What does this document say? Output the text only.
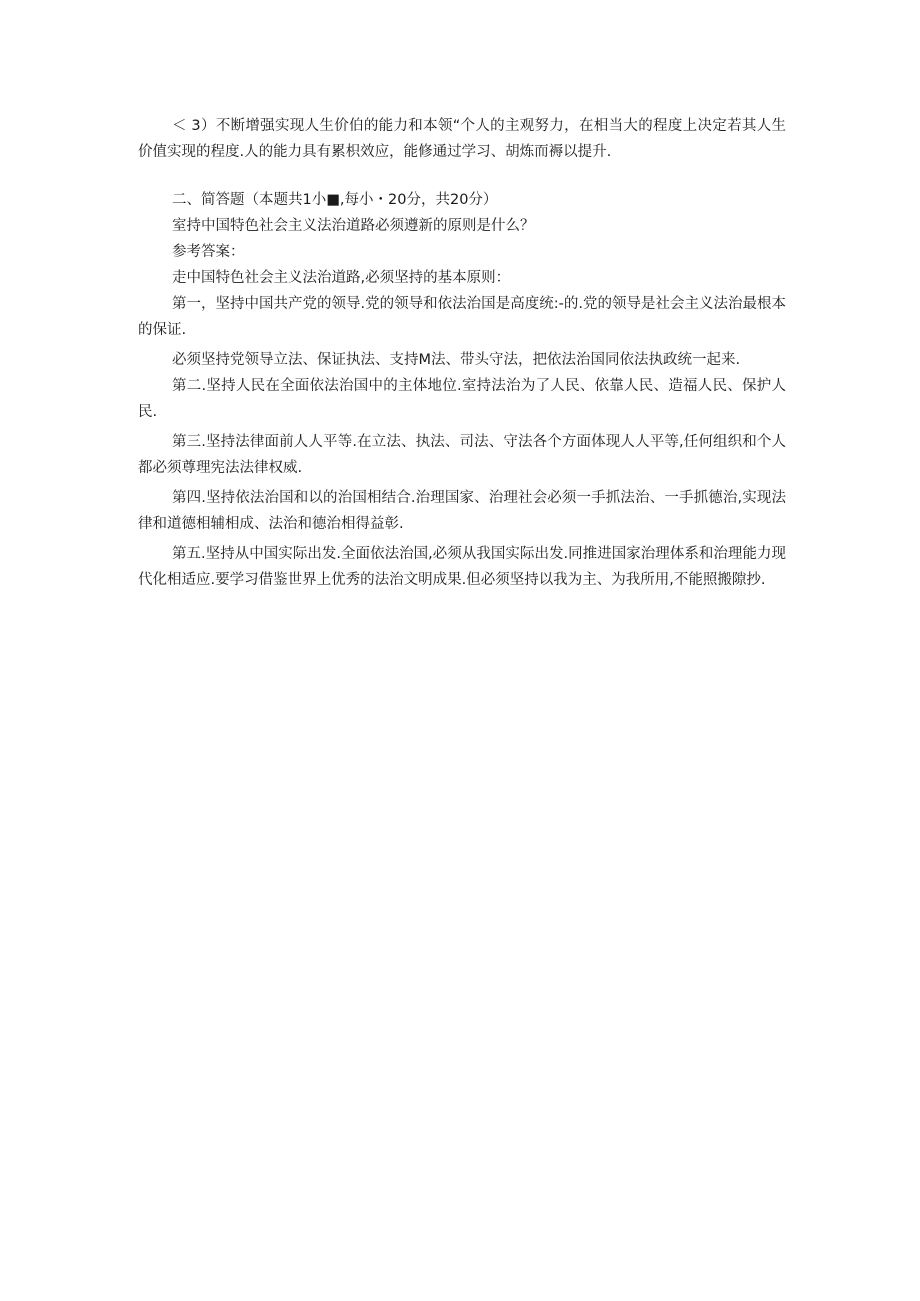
＜ 3）不断增强实现人生价伯的能力和本领“个人的主观努力，在相当大的程度上决定若其人生价值实现的程度.人的能力具有累枳效应，能修通过学习、胡炼而褥以提升.

二、简答题（本题共1小■,每小・20分，共20分）

室持中国特色社会主义法治道路必须遵新的原则是什么？

参考答案：

走中国特色社会主义法治道路,必须坚持的基本原则：

第一，坚持中国共产党的领导.党的领导和依法治国是高度统:-的.党的领导是社会主义法治最根本的保证.

必须坚持党领导立法、保证执法、支持M法、带头守法，把依法治国同依法执政统一起来.

第二.坚持人民在全面依法治国中的主体地位.室持法治为了人民、依靠人民、造福人民、保护人民.

第三.坚持法律面前人人平等.在立法、执法、司法、守法各个方面体现人人平等,任何组织和个人都必须尊理宪法法律权威.

第四.坚持依法治国和以的治国相结合.治理国家、治理社会必须一手抓法治、一手抓德治,实现法律和道德相辅相成、法治和德治相得益彰.

第五.坚持从中国实际出发.全面依法治国,必须从我国实际出发.同推进国家治理体系和治理能力现代化相适应.要学习借鉴世界上优秀的法治文明成果.但必须坚持以我为主、为我所用,不能照搬隙抄.
